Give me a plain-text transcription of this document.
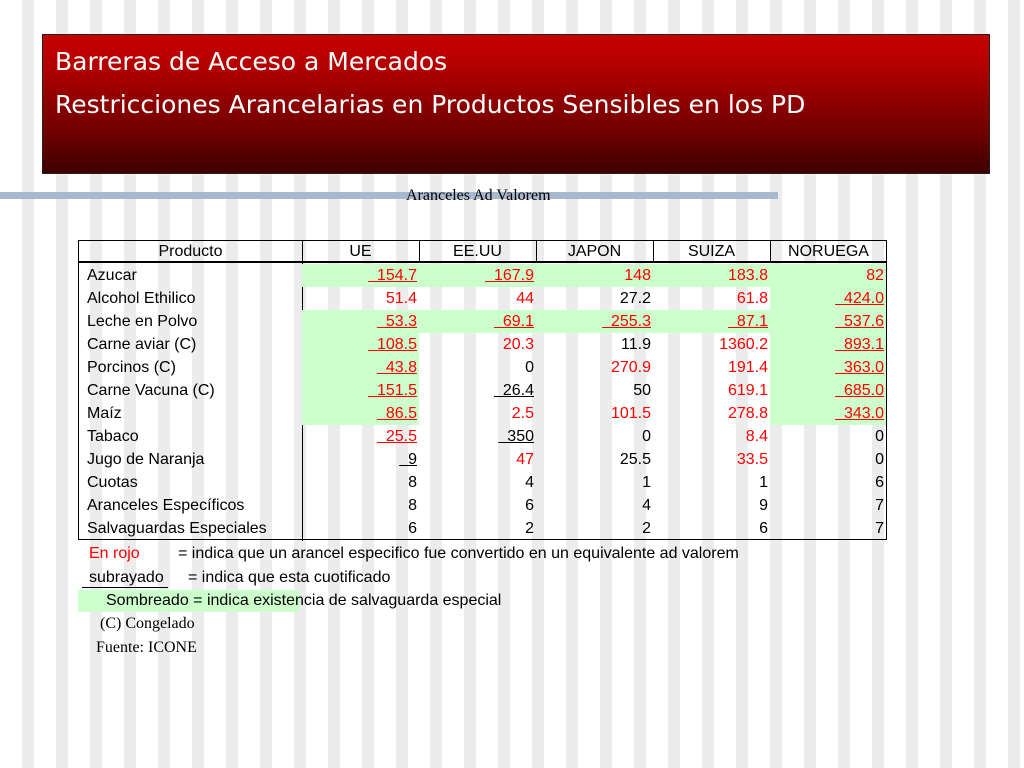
Barreras de Acceso a Mercados
Restricciones Arancelarias en Productos Sensibles en los PD
Aranceles Ad Valorem
Producto	UE	EE.UU	JAPON	SUIZA	NORUEGA
Azucar	154.7	167.9	148	183.8	82
Alcohol Ethilico	51.4	44	27.2	61.8	424.0
Leche en Polvo	53.3	69.1	255.3	87.1	537.6
Carne aviar (C)	108.5	20.3	11.9	1360.2	893.1
Porcinos (C)	43.8	0	270.9	191.4	363.0
Carne Vacuna (C)	151.5	26.4	50	619.1	685.0
Maíz	86.5	2.5	101.5	278.8	343.0
Tabaco	25.5	350	0	8.4	0
Jugo de Naranja	9	47	25.5	33.5	0
Cuotas	8	4	1	1	6
Aranceles Específicos	8	6	4	9	7
Salvaguardas Especiales	6	2	2	6	7
En rojo = indica que un arancel especifico fue convertido en un equivalente ad valorem
subrayado = indica que esta cuotificado
Sombreado = indica existencia de salvaguarda especial
(C) Congelado
Fuente: ICONE
